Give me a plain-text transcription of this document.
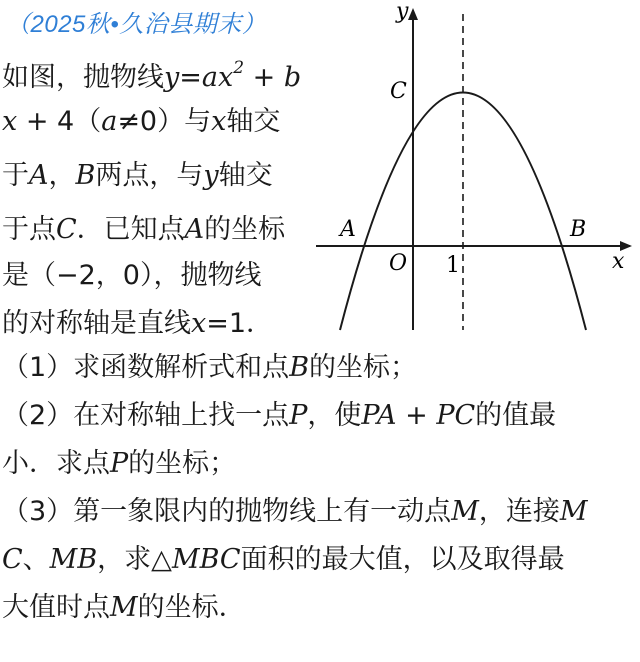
（2025秋•久治县期末）
如图，抛物线$y=ax^2 + b$
x + 4（a≠0）与x轴交
于A，B两点，与y轴交
于点C．已知点A的坐标
是（−2，0），抛物线
的对称轴是直线x=1．
（1）求函数解析式和点B的坐标；
（2）在对称轴上找一点P，使PA + PC的值最
小．求点P的坐标；
（3）第一象限内的抛物线上有一动点M，连接M
C、MB，求△MBC面积的最大值，以及取得最
大值时点M的坐标．
y
x
C
A	B
O 1
